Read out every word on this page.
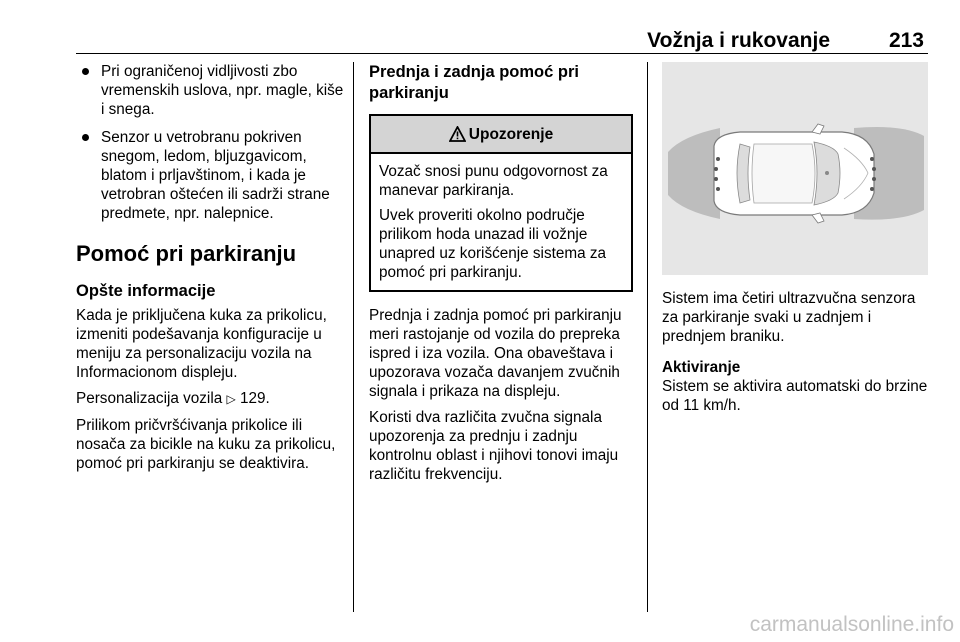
Vožnja i rukovanje	213
Pri ograničenoj vidljivosti zbo vremenskih uslova, npr. magle, kiše i snega.
Senzor u vetrobranu pokriven snegom, ledom, bljuzgavicom, blatom i prljavštinom, i kada je vetrobran oštećen ili sadrži strane predmete, npr. nalepnice.
Pomoć pri parkiranju
Opšte informacije

Kada je priključena kuka za prikolicu, izmeniti podešavanja konfiguracije u meniju za personalizaciju vozila na Informacionom displeju.

Personalizacija vozila ▷ 129.

Prilikom pričvršćivanja prikolice ili nosača za bicikle na kuku za prikolicu, pomoć pri parkiranju se deaktivira.

Prednja i zadnja pomoć pri parkiranju
Upozorenje

Vozač snosi punu odgovornost za manevar parkiranja.

Uvek proveriti okolno područje prilikom hoda unazad ili vožnje unapred uz korišćenje sistema za pomoć pri parkiranju.

Prednja i zadnja pomoć pri parkiranju meri rastojanje od vozila do prepreka ispred i iza vozila. Ona obaveštava i upozorava vozača davanjem zvučnih signala i prikaza na displeju.

Koristi dva različita zvučna signala upozorenja za prednju i zadnju kontrolnu oblast i njihovi tonovi imaju različitu frekvenciju.

Sistem ima četiri ultrazvučna senzora za parkiranje svaki u zadnjem i prednjem braniku.

Aktiviranje

Sistem se aktivira automatski do brzine od 11 km/h.

carmanualsonline.info
